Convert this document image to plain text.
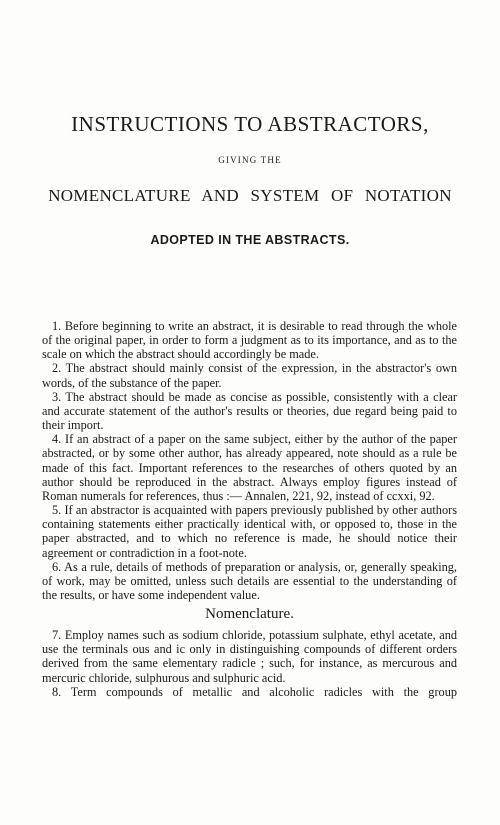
INSTRUCTIONS TO ABSTRACTORS,
GIVING THE
NOMENCLATURE AND SYSTEM OF NOTATION
ADOPTED IN THE ABSTRACTS.

1. Before beginning to write an abstract, it is desirable to read through the whole of the original paper, in order to form a judgment as to its importance, and as to the scale on which the abstract should accordingly be made.

2. The abstract should mainly consist of the expression, in the abstractor's own words, of the substance of the paper.

3. The abstract should be made as concise as possible, consistently with a clear and accurate statement of the author's results or theories, due regard being paid to their import.

4. If an abstract of a paper on the same subject, either by the author of the paper abstracted, or by some other author, has already appeared, note should as a rule be made of this fact. Important references to the researches of others quoted by an author should be reproduced in the abstract. Always employ figures instead of Roman numerals for references, thus :— Annalen, 221, 92, instead of ccxxi, 92.

5. If an abstractor is acquainted with papers previously published by other authors containing statements either practically identical with, or opposed to, those in the paper abstracted, and to which no reference is made, he should notice their agreement or contradiction in a foot-note.

6. As a rule, details of methods of preparation or analysis, or, generally speaking, of work, may be omitted, unless such details are essential to the understanding of the results, or have some independent value.

Nomenclature.

7. Employ names such as sodium chloride, potassium sulphate, ethyl acetate, and use the terminals ous and ic only in distinguishing compounds of different orders derived from the same elementary radicle ; such, for instance, as mercurous and mercuric chloride, sulphurous and sulphuric acid.

8. Term compounds of metallic and alcoholic radicles with the group
